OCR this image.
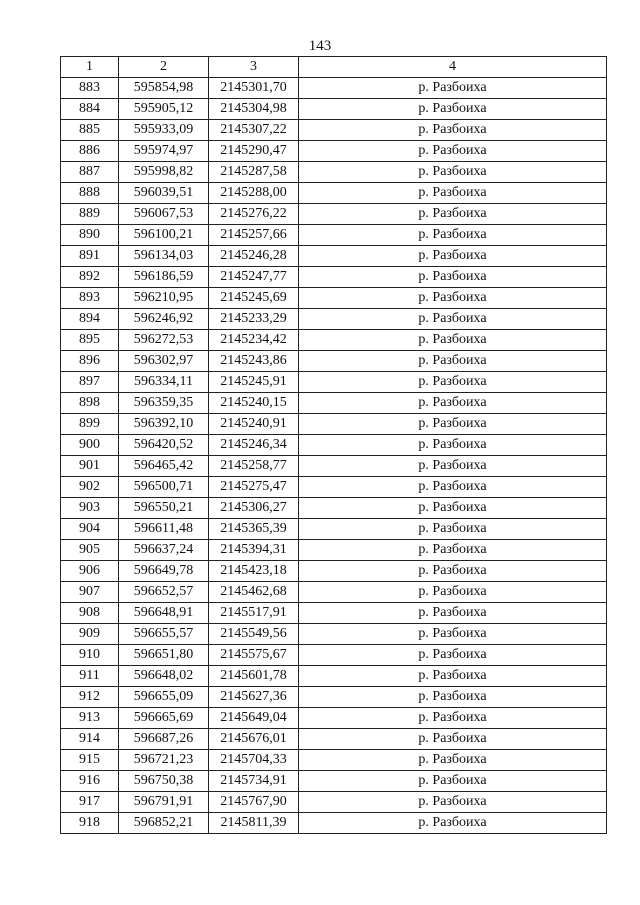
143
1	2	3	4
883	595854,98	2145301,70	р. Разбоиха
884	595905,12	2145304,98	р. Разбоиха
885	595933,09	2145307,22	р. Разбоиха
886	595974,97	2145290,47	р. Разбоиха
887	595998,82	2145287,58	р. Разбоиха
888	596039,51	2145288,00	р. Разбоиха
889	596067,53	2145276,22	р. Разбоиха
890	596100,21	2145257,66	р. Разбоиха
891	596134,03	2145246,28	р. Разбоиха
892	596186,59	2145247,77	р. Разбоиха
893	596210,95	2145245,69	р. Разбоиха
894	596246,92	2145233,29	р. Разбоиха
895	596272,53	2145234,42	р. Разбоиха
896	596302,97	2145243,86	р. Разбоиха
897	596334,11	2145245,91	р. Разбоиха
898	596359,35	2145240,15	р. Разбоиха
899	596392,10	2145240,91	р. Разбоиха
900	596420,52	2145246,34	р. Разбоиха
901	596465,42	2145258,77	р. Разбоиха
902	596500,71	2145275,47	р. Разбоиха
903	596550,21	2145306,27	р. Разбоиха
904	596611,48	2145365,39	р. Разбоиха
905	596637,24	2145394,31	р. Разбоиха
906	596649,78	2145423,18	р. Разбоиха
907	596652,57	2145462,68	р. Разбоиха
908	596648,91	2145517,91	р. Разбоиха
909	596655,57	2145549,56	р. Разбоиха
910	596651,80	2145575,67	р. Разбоиха
911	596648,02	2145601,78	р. Разбоиха
912	596655,09	2145627,36	р. Разбоиха
913	596665,69	2145649,04	р. Разбоиха
914	596687,26	2145676,01	р. Разбоиха
915	596721,23	2145704,33	р. Разбоиха
916	596750,38	2145734,91	р. Разбоиха
917	596791,91	2145767,90	р. Разбоиха
918	596852,21	2145811,39	р. Разбоиха
